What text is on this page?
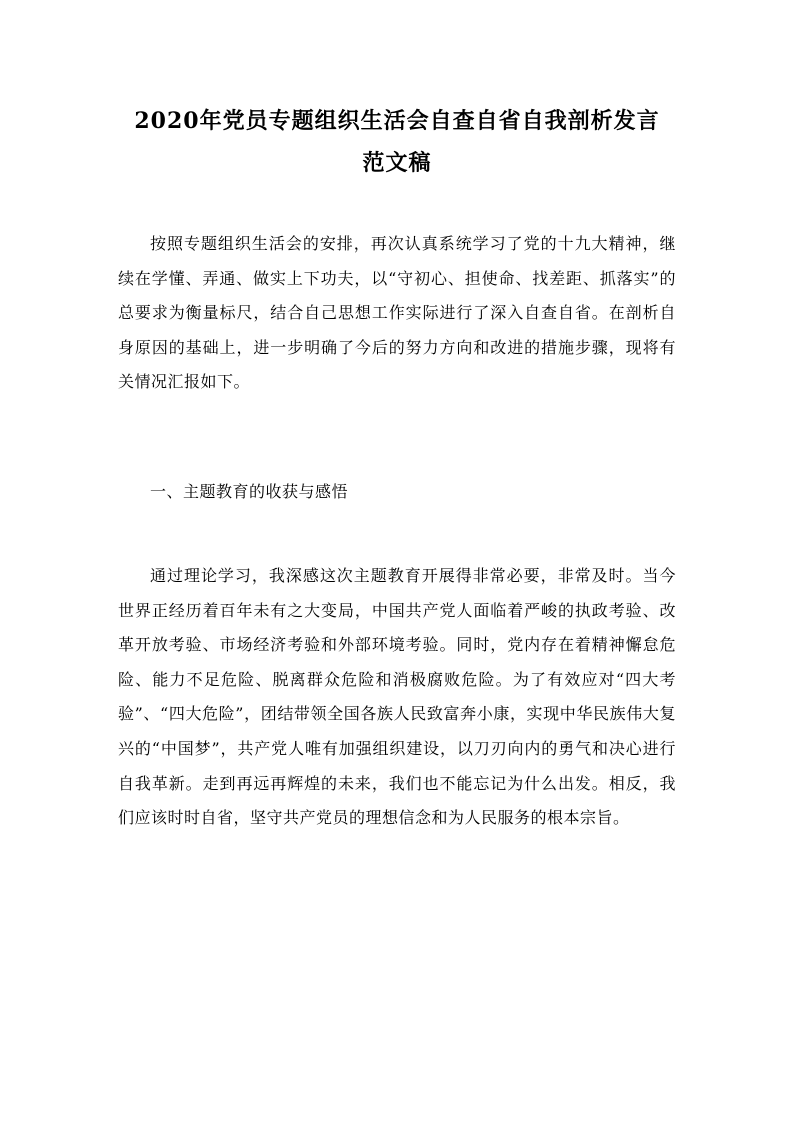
2020年党员专题组织生活会自查自省自我剖析发言
范文稿

按照专题组织生活会的安排，再次认真系统学习了党的十九大精神，继续在学懂、弄通、做实上下功夫，以“守初心、担使命、找差距、抓落实”的总要求为衡量标尺，结合自己思想工作实际进行了深入自查自省。在剖析自身原因的基础上，进一步明确了今后的努力方向和改进的措施步骤，现将有关情况汇报如下。

一、主题教育的收获与感悟

通过理论学习，我深感这次主题教育开展得非常必要，非常及时。当今世界正经历着百年未有之大变局，中国共产党人面临着严峻的执政考验、改革开放考验、市场经济考验和外部环境考验。同时，党内存在着精神懈怠危险、能力不足危险、脱离群众危险和消极腐败危险。为了有效应对“四大考验”、“四大危险”，团结带领全国各族人民致富奔小康，实现中华民族伟大复兴的“中国梦”，共产党人唯有加强组织建设，以刀刃向内的勇气和决心进行自我革新。走到再远再辉煌的未来，我们也不能忘记为什么出发。相反，我们应该时时自省，坚守共产党员的理想信念和为人民服务的根本宗旨。
